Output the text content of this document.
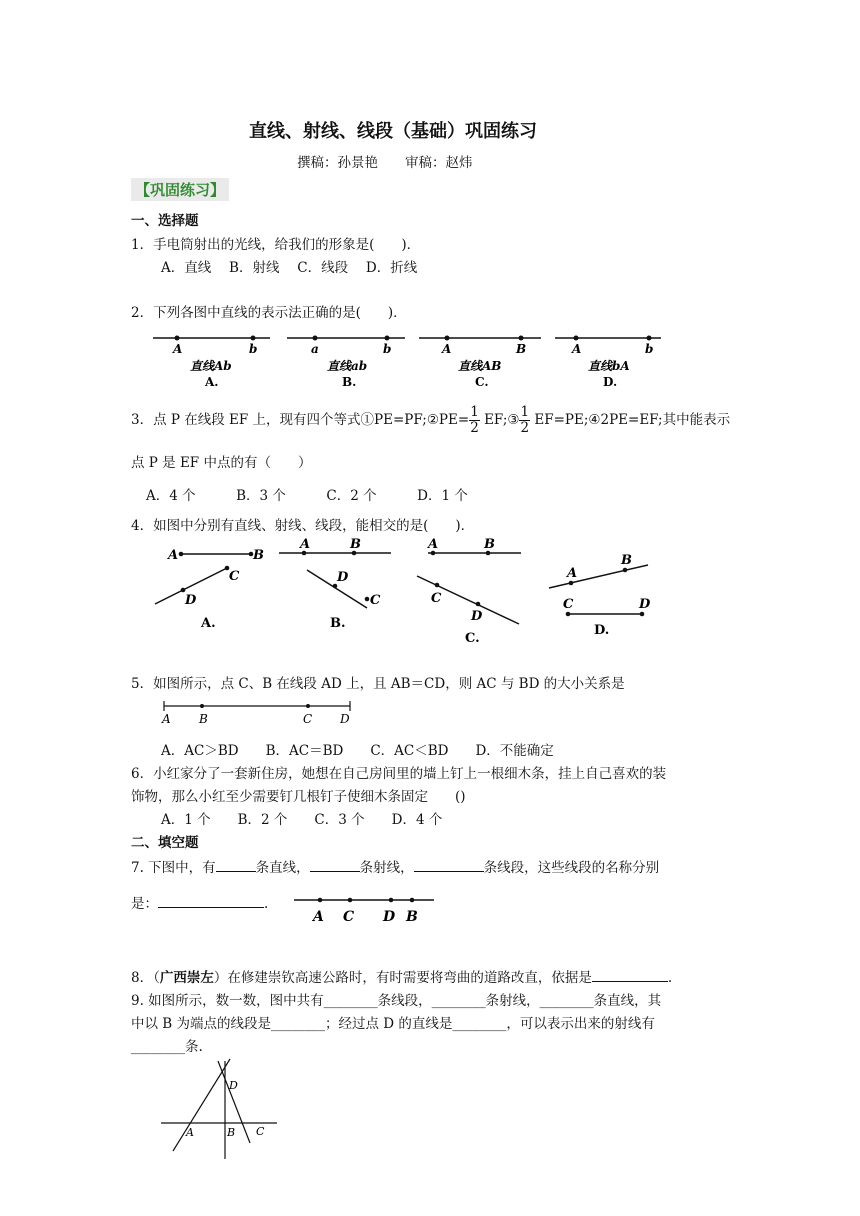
直线、射线、线段（基础）巩固练习
撰稿：孙景艳　　审稿：赵炜
【巩固练习】
一、选择题
1．手电筒射出的光线，给我们的形象是(　　)．
A．直线　 B．射线　 C．线段　 D．折线
2．下列各图中直线的表示法正确的是(　　)．
A	b
直线Ab
A.
a	b
直线ab
B.
A	B
直线AB
C.
A	b
直线bA
D.
3．点 P 在线段 EF 上，现有四个等式①PE=PF;②PE= $\frac{1}{2}$ EF;③ $\frac{1}{2}$ EF=PE;④2PE=EF;其中能表示
点 P 是 EF 中点的有（　　）
A．4 个　　　B．3 个　　　C．2 个　　　D．1 个
4．如图中分别有直线、射线、线段，能相交的是(　　)．
A	B
C
D
A.
A	B
D
C
B.
A	B
C
D
C.
A
B
C	D
D.
5．如图所示，点 C、B 在线段 AD 上，且 AB＝CD，则 AC 与 BD 的大小关系是
A B	C D
A．AC＞BD　　B．AC＝BD　　C．AC＜BD　　D．不能确定
6．小红家分了一套新住房，她想在自己房间里的墙上钉上一根细木条，挂上自己喜欢的装
饰物，那么小红至少需要钉几根钉子使细木条固定　　()
A．1 个　　B．2 个　　C．3 个　　D．4 个
二、填空题
7. 下图中，有	条直线，	条射线，	条线段，这些线段的名称分别
是：	.
A C D B
8．（广西崇左）在修建崇钦高速公路时，有时需要将弯曲的道路改直，依据是	.
9. 如图所示，数一数，图中共有________条线段，________条射线，________条直线，其
中以 B 为端点的线段是________；经过点 D 的直线是________，可以表示出来的射线有
________条.
D
A	B C
